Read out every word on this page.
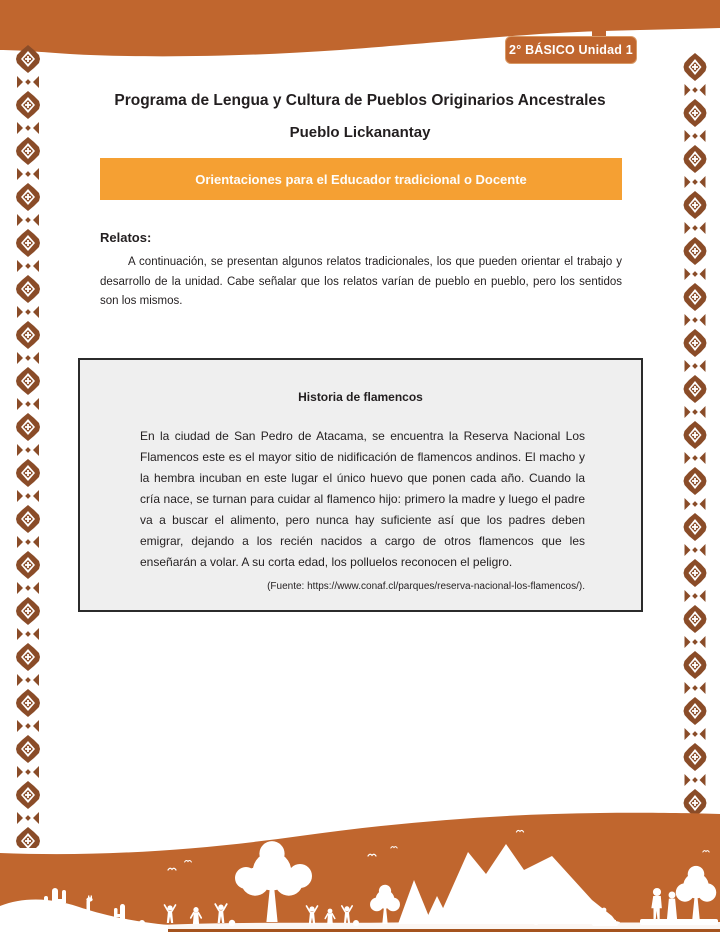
2° BÁSICO Unidad 1
Programa de Lengua y Cultura de Pueblos Originarios Ancestrales
Pueblo Lickanantay
Orientaciones para el Educador tradicional o Docente
Relatos:

A continuación, se presentan algunos relatos tradicionales, los que pueden orientar el trabajo y desarrollo de la unidad. Cabe señalar que los relatos varían de pueblo en pueblo, pero los sentidos son los mismos.

Historia de flamencos

En la ciudad de San Pedro de Atacama, se encuentra la Reserva Nacional Los Flamencos este es el mayor sitio de nidificación de flamencos andinos. El macho y la hembra incuban en este lugar el único huevo que ponen cada año. Cuando la cría nace, se turnan para cuidar al flamenco hijo: primero la madre y luego el padre va a buscar el alimento, pero nunca hay suficiente así que los padres deben emigrar, dejando a los recién nacidos a cargo de otros flamencos que les enseñarán a volar. A su corta edad, los polluelos reconocen el peligro.

(Fuente: https://www.conaf.cl/parques/reserva-nacional-los-flamencos/).
